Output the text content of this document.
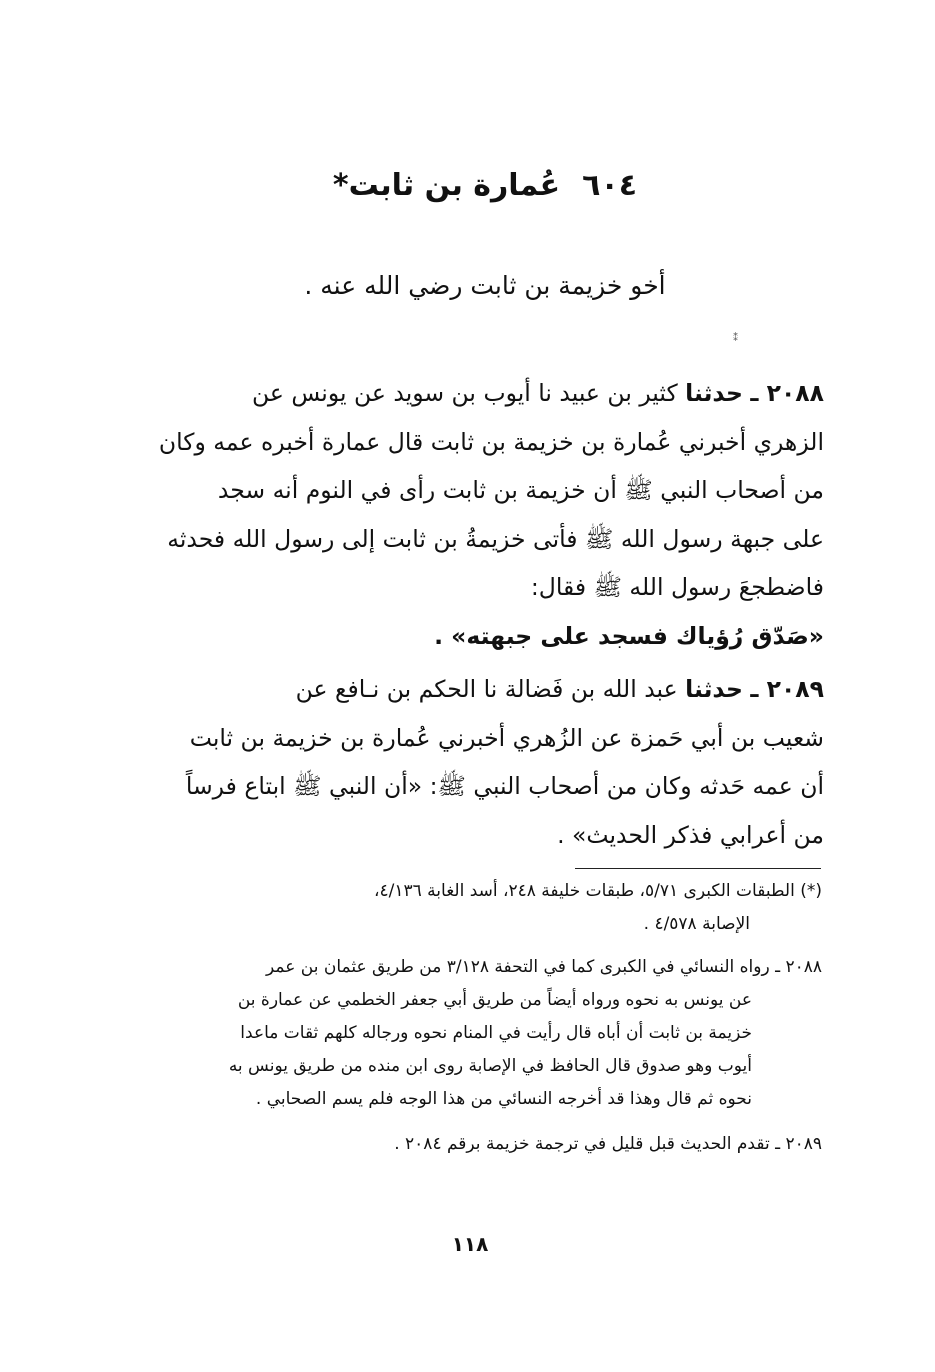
٦٠٤عُمارة بن ثابت*
أخو خزيمة بن ثابت رضي الله عنه .
⁑
٢٠٨٨ ـ حدثنا كثير بن عبيد نا أيوب بن سويد عن يونس عن
الزهري أخبرني عُمارة بن خزيمة بن ثابت قال عمارة أخبره عمه وكان
من أصحاب النبي ﷺ أن خزيمة بن ثابت رأى في النوم أنه سجد
على جبهة رسول الله ﷺ فأتى خزيمةُ بن ثابت إلى رسول الله فحدثه
فاضطجعَ رسول الله ﷺ فقال:
«صَدّق رُؤياك فسجد على جبهته» .
٢٠٨٩ ـ حدثنا عبد الله بن فَضالة نا الحكم بن نـافع عن
شعيب بن أبي حَمزة عن الزُهري أخبرني عُمارة بن خزيمة بن ثابت
أن عمه حَدثه وكان من أصحاب النبي ﷺ: «أن النبي ﷺ ابتاع فرساً
من أعرابي فذكر الحديث» .
(*) الطبقات الكبرى ٥/٧١، طبقات خليفة ٢٤٨، أسد الغابة ٤/١٣٦،
الإصابة ٤/٥٧٨ .
٢٠٨٨ ـ رواه النسائي في الكبرى كما في التحفة ٣/١٢٨ من طريق عثمان بن عمر
عن يونس به نحوه ورواه أيضاً من طريق أبي جعفر الخطمي عن عمارة بن
خزيمة بن ثابت أن أباه قال رأيت في المنام نحوه ورجاله كلهم ثقات ماعدا
أيوب وهو صدوق قال الحافظ في الإصابة روى ابن منده من طريق يونس به
نحوه ثم قال وهذا قد أخرجه النسائي من هذا الوجه فلم يسم الصحابي .
٢٠٨٩ ـ تقدم الحديث قبل قليل في ترجمة خزيمة برقم ٢٠٨٤ .
١١٨
